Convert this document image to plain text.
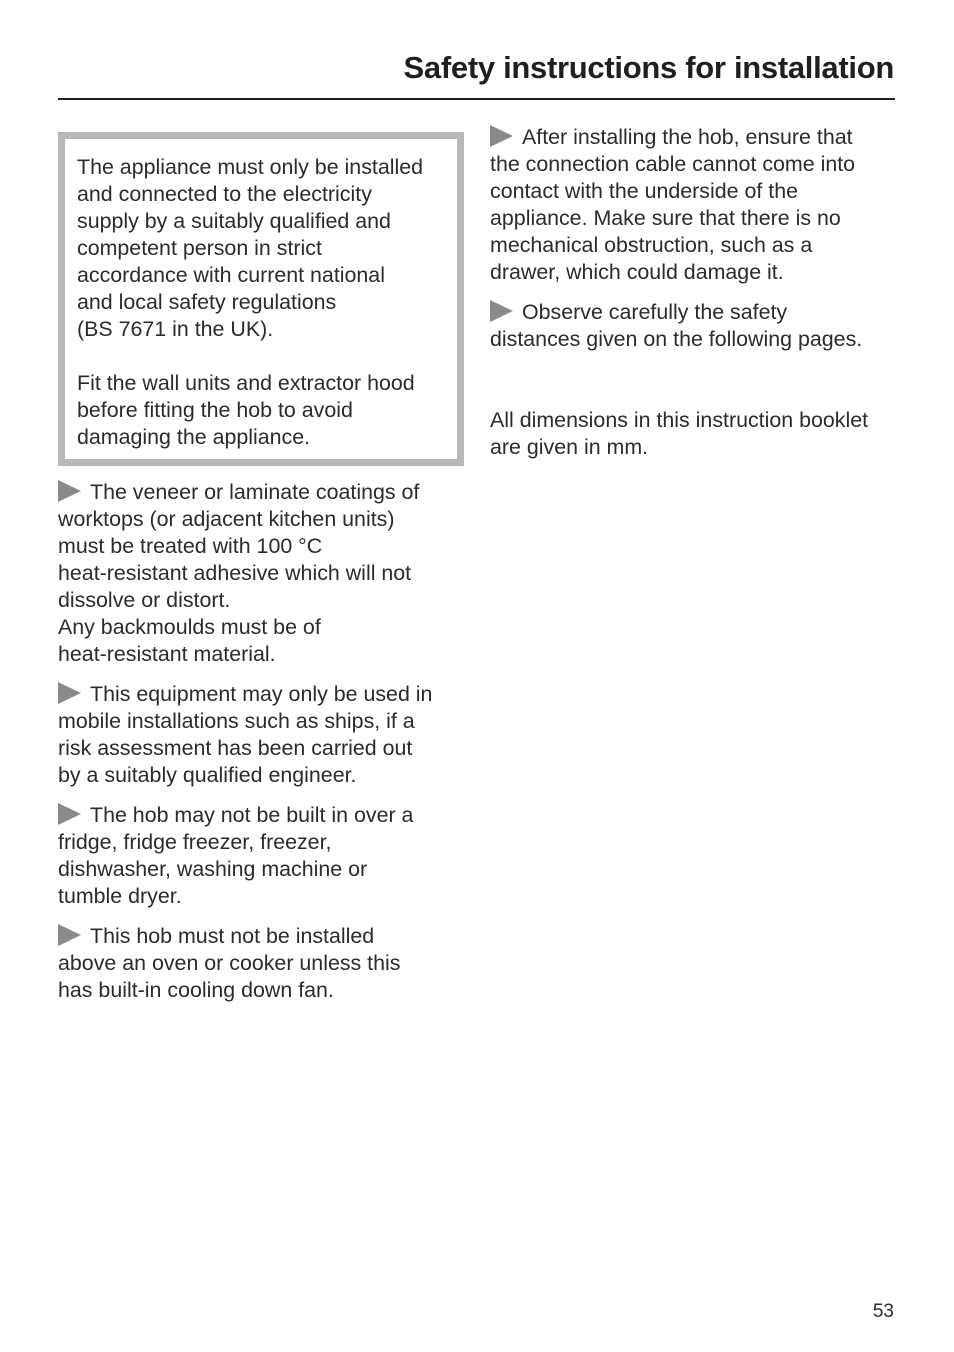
Safety instructions for installation

The appliance must only be installed
and connected to the electricity
supply by a suitably qualified and
competent person in strict
accordance with current national
and local safety regulations
(BS 7671 in the UK).

Fit the wall units and extractor hood
before fitting the hob to avoid
damaging the appliance.

The veneer or laminate coatings of
worktops (or adjacent kitchen units)
must be treated with 100 °C
heat-resistant adhesive which will not
dissolve or distort.
Any backmoulds must be of
heat-resistant material.
This equipment may only be used in
mobile installations such as ships, if a
risk assessment has been carried out
by a suitably qualified engineer.
The hob may not be built in over a
fridge, fridge freezer, freezer,
dishwasher, washing machine or
tumble dryer.
This hob must not be installed
above an oven or cooker unless this
has built-in cooling down fan.
After installing the hob, ensure that
the connection cable cannot come into
contact with the underside of the
appliance. Make sure that there is no
mechanical obstruction, such as a
drawer, which could damage it.
Observe carefully the safety
distances given on the following pages.
All dimensions in this instruction booklet
are given in mm.
53
